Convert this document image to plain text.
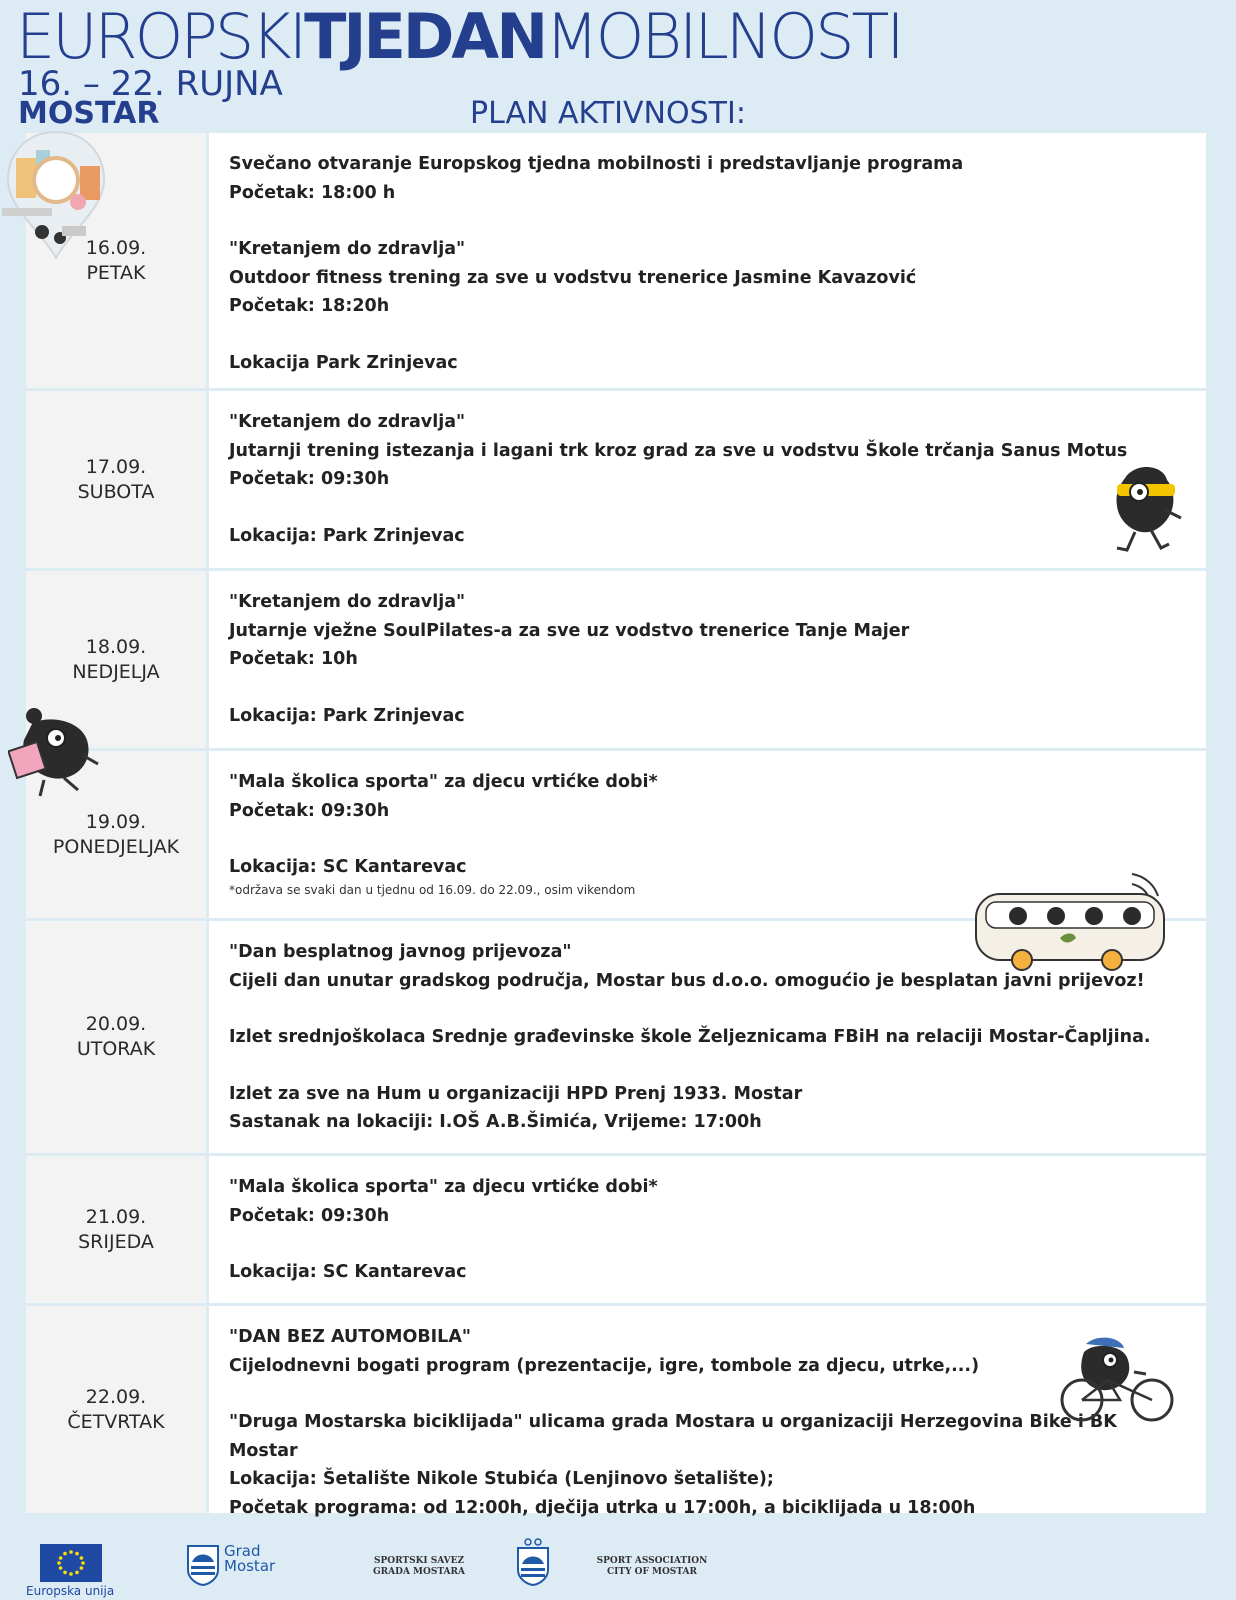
EUROPSKITJEDANMOBILNOSTI
16. – 22. RUJNA
MOSTAR	PLAN AKTIVNOSTI:
16.09.
PETAK
Svečano otvaranje Europskog tjedna mobilnosti i predstavljanje programa
Početak: 18:00 h
"Kretanjem do zdravlja"
Outdoor fitness trening za sve u vodstvu trenerice Jasmine Kavazović
Početak: 18:20h
Lokacija Park Zrinjevac
17.09.
SUBOTA
"Kretanjem do zdravlja"
Jutarnji trening istezanja i lagani trk kroz grad za sve u vodstvu Škole trčanja Sanus Motus
Početak: 09:30h
Lokacija: Park Zrinjevac
18.09.
NEDJELJA
"Kretanjem do zdravlja"
Jutarnje vježne SoulPilates-a za sve uz vodstvo trenerice Tanje Majer
Početak: 10h
Lokacija: Park Zrinjevac
19.09.
PONEDJELJAK
"Mala školica sporta" za djecu vrtićke dobi*
Početak: 09:30h
Lokacija: SC Kantarevac
*održava se svaki dan u tjednu od 16.09. do 22.09., osim vikendom
20.09.
UTORAK
"Dan besplatnog javnog prijevoza"
Cijeli dan unutar gradskog područja, Mostar bus d.o.o. omogućio je besplatan javni prijevoz!
Izlet srednjoškolaca Srednje građevinske škole Željeznicama FBiH na relaciji Mostar-Čapljina.
Izlet za sve na Hum u organizaciji HPD Prenj 1933. Mostar
Sastanak na lokaciji: I.OŠ A.B.Šimića, Vrijeme: 17:00h
21.09.
SRIJEDA
"Mala školica sporta" za djecu vrtićke dobi*
Početak: 09:30h
Lokacija: SC Kantarevac
22.09.
ČETVRTAK
"DAN BEZ AUTOMOBILA"
Cijelodnevni bogati program (prezentacije, igre, tombole za djecu, utrke,...)
"Druga Mostarska biciklijada" ulicama grada Mostara u organizaciji Herzegovina Bike i BK Mostar
Lokacija: Šetalište Nikole Stubića (Lenjinovo šetalište);
Početak programa: od 12:00h, dječija utrka u 17:00h, a biciklijada u 18:00h
Europska unija
Grad
Mostar	SPORTSKI SAVEZ
GRADA MOSTARA
SPORT ASSOCIATION
CITY OF MOSTAR
